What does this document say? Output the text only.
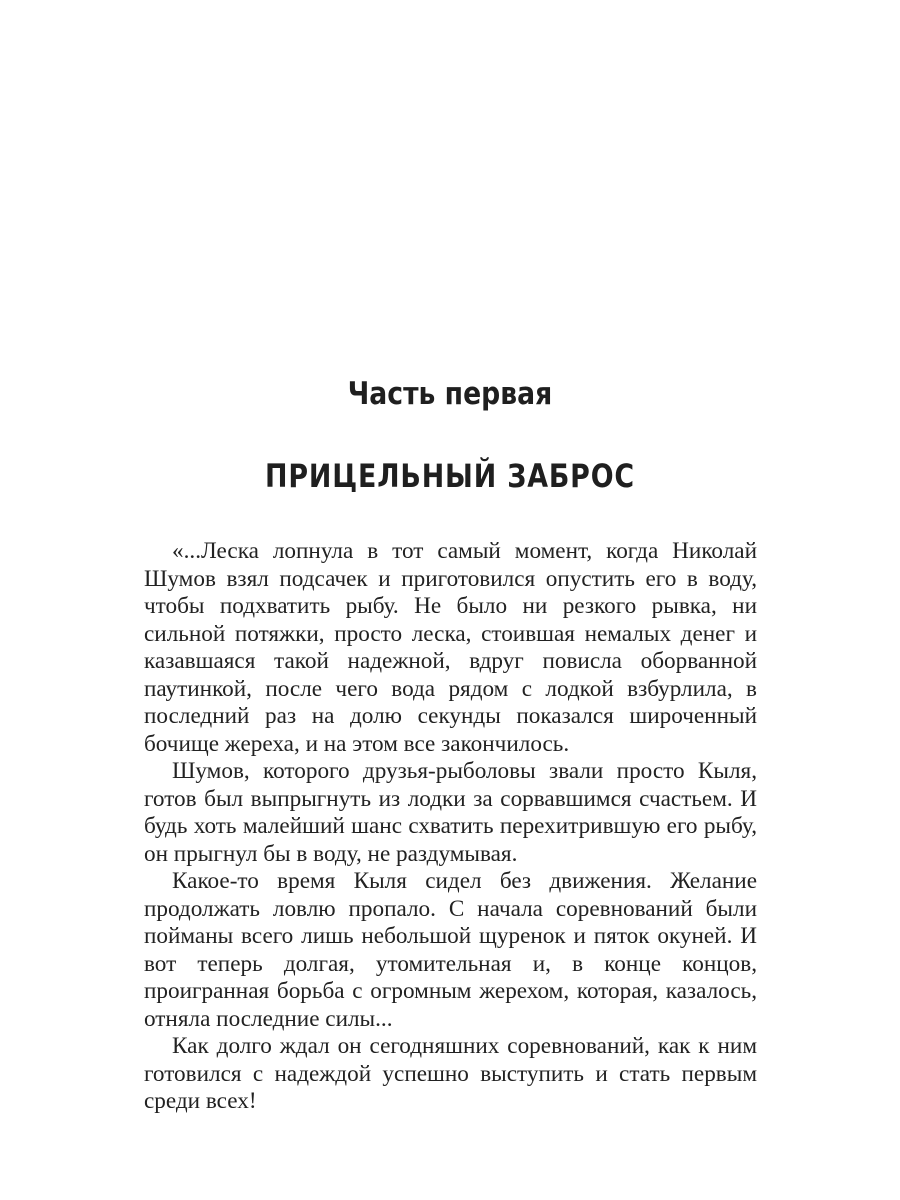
Часть первая
ПРИЦЕЛЬНЫЙ ЗАБРОС

«...Леска лопнула в тот самый момент, когда Николай Шумов взял подсачек и приготовился опустить его в воду, чтобы подхватить рыбу. Не было ни резкого рывка, ни сильной потяжки, просто леска, стоившая немалых денег и казавшаяся такой надежной, вдруг повисла оборванной паутинкой, после чего вода рядом с лодкой взбурлила, в последний раз на долю секунды показался широченный бочище жереха, и на этом все закончилось.

Шумов, которого друзья-рыболовы звали просто Кыля, готов был выпрыгнуть из лодки за сорвавшимся счастьем. И будь хоть малейший шанс схватить перехитрившую его рыбу, он прыгнул бы в воду, не раздумывая.

Какое-то время Кыля сидел без движения. Желание продолжать ловлю пропало. С начала соревнований были пойманы всего лишь небольшой щуренок и пяток окуней. И вот теперь долгая, утомительная и, в конце концов, проигранная борьба с огромным жерехом, которая, казалось, отняла последние силы...

Как долго ждал он сегодняшних соревнований, как к ним готовился с надеждой успешно выступить и стать первым среди всех!
